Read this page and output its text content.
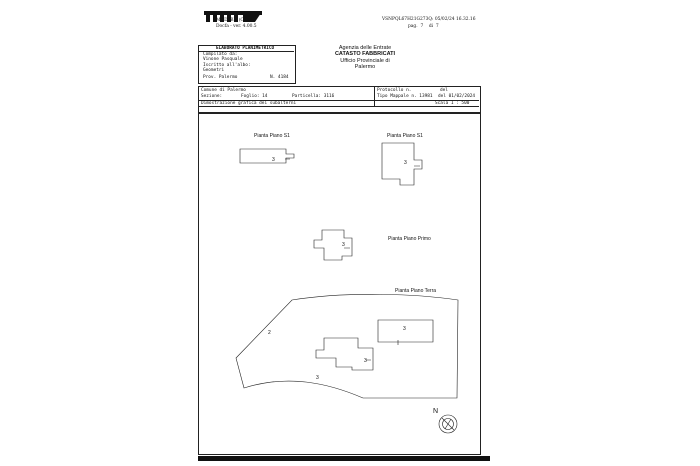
MOD. BN (CEU)
Docfa - ver. 4.00.5
VSNPQL67H21G273Q: 05/02/24 16.32.16
pag. 7 di 7
ELABORATO PLANIMETRICO
Compilato da:
Vinone Pasquale
Iscritto all'albo:
Geometri
Prov. Palermo	N. 4184
Agenzia delle Entrate
CATASTO FABBRICATI
Ufficio Provinciale di
Palermo
Comune di Palermo
Sezione:	Foglio: 14	Particella: 3116
Protocollo n.	del
Tipo Mappale n. 13981 del 01/02/2024
Dimostrazione grafica dei subalterni	Scala 1 : 500
Pianta Piano S1
3
Pianta Piano S1
3
Pianta Piano Primo
3
Pianta Piano Terra
3
3
3
2
N
